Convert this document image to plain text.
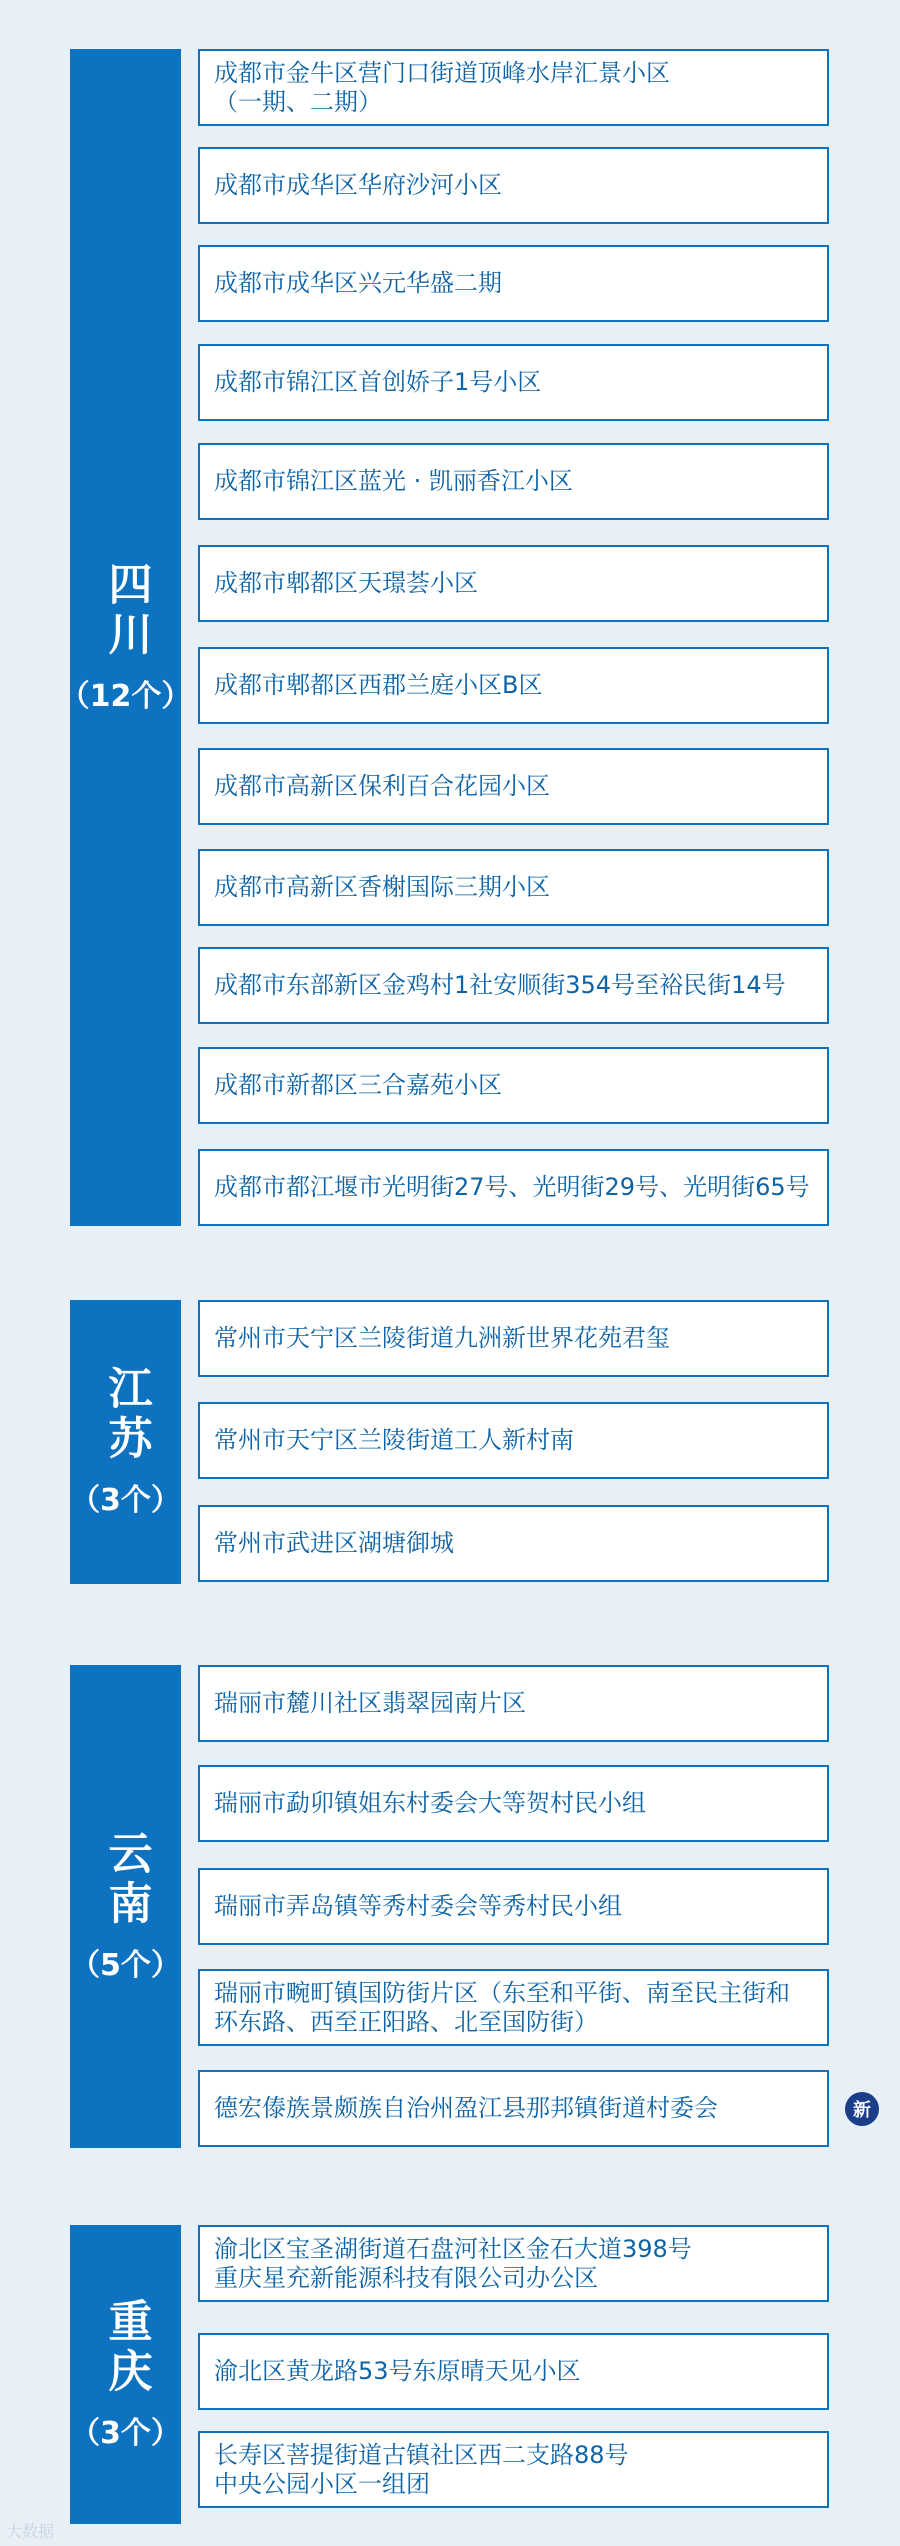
四川
（12个）
成都市金牛区营门口街道顶峰水岸汇景小区
（一期、二期）
成都市成华区华府沙河小区
成都市成华区兴元华盛二期
成都市锦江区首创娇子1号小区
成都市锦江区蓝光 · 凯丽香江小区
成都市郫都区天璟荟小区
成都市郫都区西郡兰庭小区B区
成都市高新区保利百合花园小区
成都市高新区香榭国际三期小区
成都市东部新区金鸡村1社安顺街354号至裕民街14号
成都市新都区三合嘉苑小区
成都市都江堰市光明街27号、光明街29号、光明街65号
江苏
（3个）
常州市天宁区兰陵街道九洲新世界花苑君玺
常州市天宁区兰陵街道工人新村南
常州市武进区湖塘御城
云南
（5个）
瑞丽市麓川社区翡翠园南片区
瑞丽市勐卯镇姐东村委会大等贺村民小组
瑞丽市弄岛镇等秀村委会等秀村民小组
瑞丽市畹町镇国防街片区（东至和平街、南至民主街和环东路、西至正阳路、北至国防街）
德宏傣族景颇族自治州盈江县那邦镇街道村委会	新
重庆
（3个）
渝北区宝圣湖街道石盘河社区金石大道398号
重庆星充新能源科技有限公司办公区
渝北区黄龙路53号东原晴天见小区
长寿区菩提街道古镇社区西二支路88号
中央公园小区一组团
大数据
